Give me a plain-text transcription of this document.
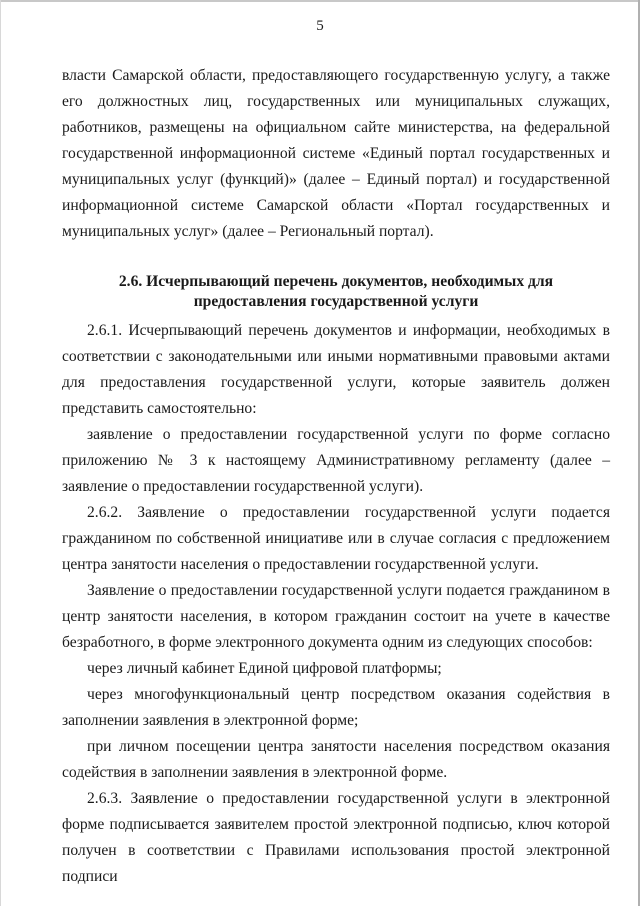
5

власти Самарской области, предоставляющего государственную услугу, а также его должностных лиц, государственных или муниципальных служащих, работников, размещены на официальном сайте министерства, на федеральной государственной информационной системе «Единый портал государственных и муниципальных услуг (функций)» (далее – Единый портал) и государственной информационной системе Самарской области «Портал государственных и муниципальных услуг» (далее – Региональный портал).

2.6. Исчерпывающий перечень документов, необходимых для предоставления государственной услуги

2.6.1. Исчерпывающий перечень документов и информации, необходимых в соответствии с законодательными или иными нормативными правовыми актами для предоставления государственной услуги, которые заявитель должен представить самостоятельно:

заявление о предоставлении государственной услуги по форме согласно приложению № 3 к настоящему Административному регламенту (далее – заявление о предоставлении государственной услуги).

2.6.2. Заявление о предоставлении государственной услуги подается гражданином по собственной инициативе или в случае согласия с предложением центра занятости населения о предоставлении государственной услуги.

Заявление о предоставлении государственной услуги подается гражданином в центр занятости населения, в котором гражданин состоит на учете в качестве безработного, в форме электронного документа одним из следующих способов:

через личный кабинет Единой цифровой платформы;

через многофункциональный центр посредством оказания содействия в заполнении заявления в электронной форме;

при личном посещении центра занятости населения посредством оказания содействия в заполнении заявления в электронной форме.

2.6.3. Заявление о предоставлении государственной услуги в электронной форме подписывается заявителем простой электронной подписью, ключ которой получен в соответствии с Правилами использования простой электронной подписи
